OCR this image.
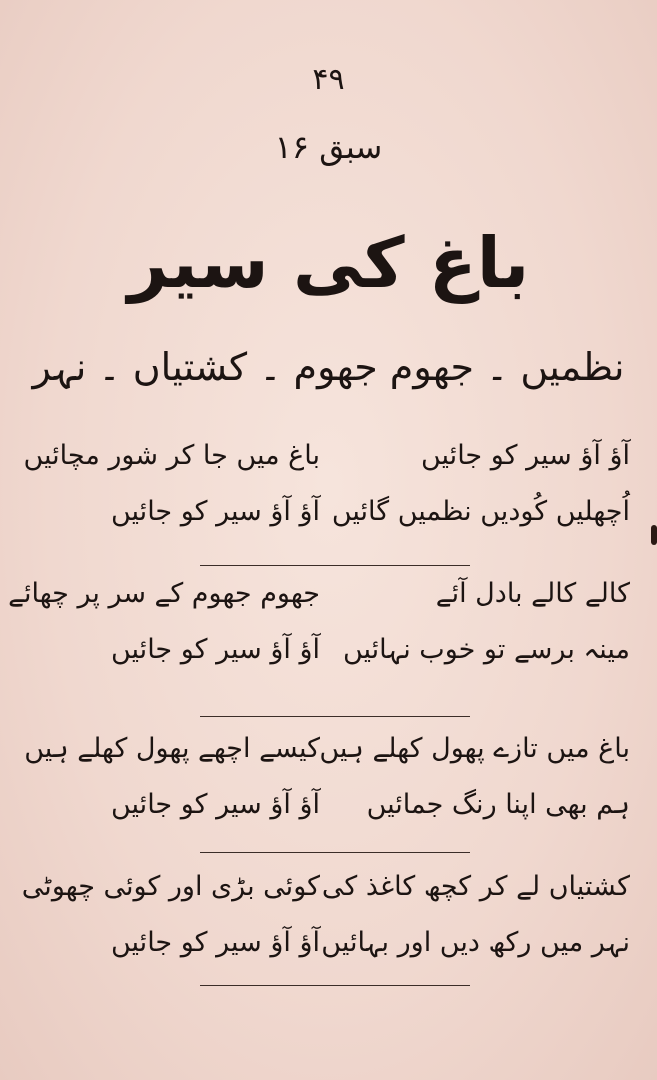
۴۹
سبق ۱۶
باغ کی سیر
نظمیں ۔ جھوم جھوم ۔ کشتیاں ۔ نہر
آؤ آؤ سیر کو جائیں
باغ میں جا کر شور مچائیں
اُچھلیں کُودیں نظمیں گائیں
آؤ آؤ سیر کو جائیں
کالے کالے بادل آئے
جھوم جھوم کے سر پر چھائے
مینہ برسے تو خوب نہائیں
آؤ آؤ سیر کو جائیں
باغ میں تازے پھول کھلے ہیں
کیسے اچھے پھول کھلے ہیں
ہم بھی اپنا رنگ جمائیں
آؤ آؤ سیر کو جائیں
کشتیاں لے کر کچھ کاغذ کی
کوئی بڑی اور کوئی چھوٹی
نہر میں رکھ دیں اور بہائیں
آؤ آؤ سیر کو جائیں
